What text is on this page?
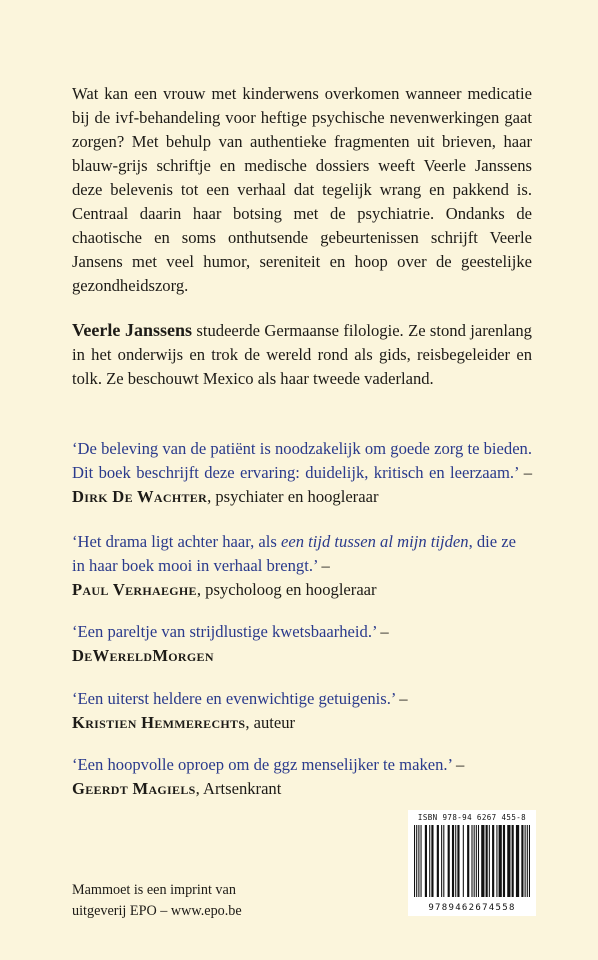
Wat kan een vrouw met kinderwens overkomen wanneer medicatie bij de ivf-behandeling voor heftige psychische nevenwerkingen gaat zorgen? Met behulp van authentieke fragmenten uit brieven, haar blauw-grijs schriftje en medische dossiers weeft Veerle Janssens deze belevenis tot een verhaal dat tegelijk wrang en pakkend is. Centraal daarin haar botsing met de psychiatrie. Ondanks de chaotische en soms onthutsende gebeurtenissen schrijft Veerle Jansens met veel humor, sereniteit en hoop over de geestelijke gezondheidszorg.

Veerle Janssens studeerde Germaanse filologie. Ze stond jarenlang in het onderwijs en trok de wereld rond als gids, reisbegeleider en tolk. Ze beschouwt Mexico als haar tweede vaderland.

‘De beleving van de patiënt is noodzakelijk om goede zorg te bieden. Dit boek beschrijft deze ervaring: duidelijk, kritisch en leerzaam.’ – Dirk De Wachter, psychiater en hoogleraar

‘Het drama ligt achter haar, als een tijd tussen al mijn tijden, die ze in haar boek mooi in verhaal brengt.’ –
Paul Verhaeghe, psycholoog en hoogleraar

‘Een pareltje van strijdlustige kwetsbaarheid.’ –
DeWereldMorgen

‘Een uiterst heldere en evenwichtige getuigenis.’ –
Kristien Hemmerechts, auteur

‘Een hoopvolle oproep om de ggz menselijker te maken.’ –
Geerdt Magiels, Artsenkrant

Mammoet is een imprint van
uitgeverij EPO – www.epo.be

ISBN 978-94 6267 455-8
9789462674558
